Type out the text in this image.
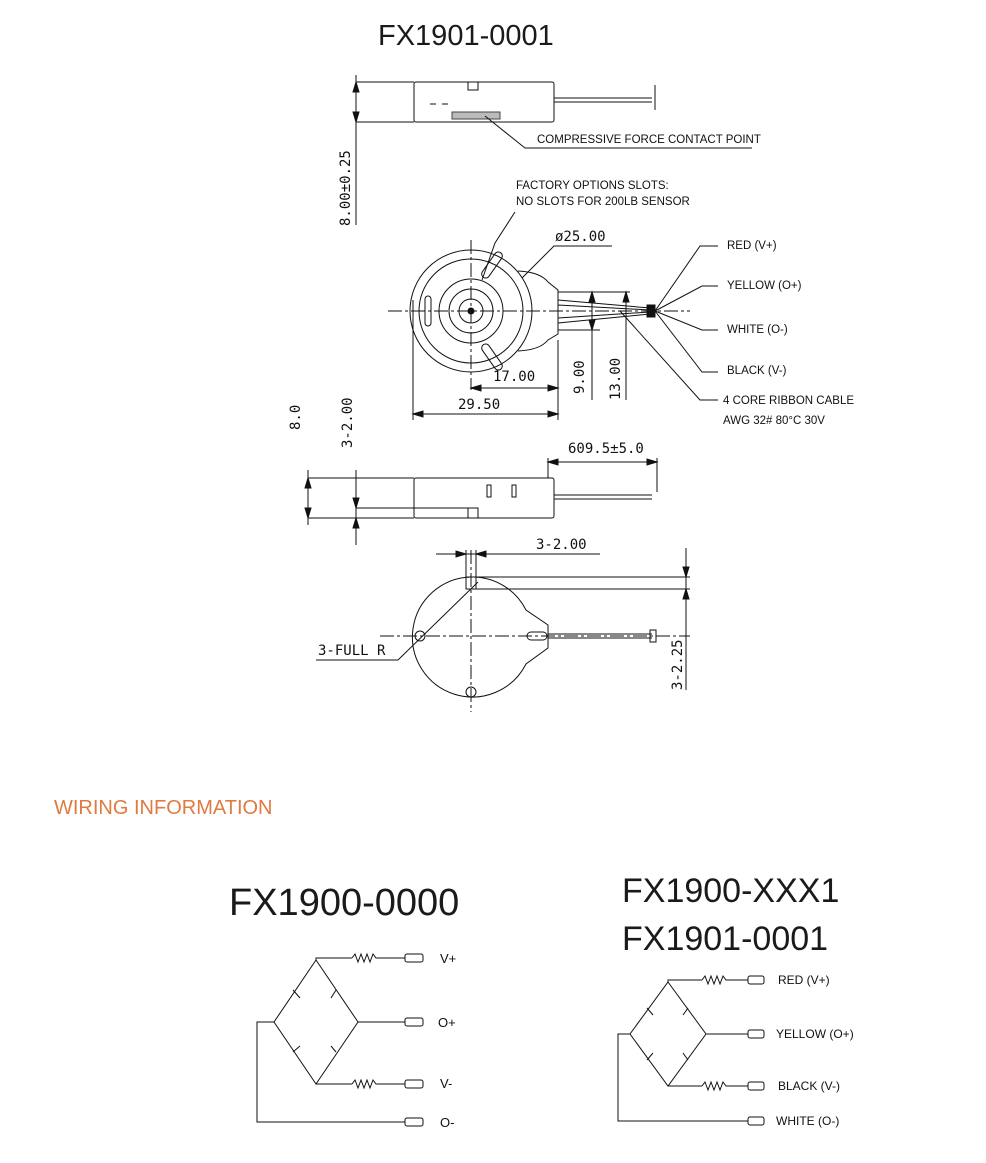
FX1901-0001
COMPRESSIVE FORCE CONTACT POINT
FACTORY OPTIONS SLOTS:
NO SLOTS FOR 200LB SENSOR
ø25.00
RED (V+)
YELLOW (O+)
WHITE (O-)
BLACK (V-)
4 CORE RIBBON CABLE
AWG 32# 80°C 30V
17.00
29.50
9.00 13.00
8.00±0.25
8.0	3-2.00
609.5±5.0
3-2.00
3-FULL R	3-2.25
WIRING INFORMATION
FX1900-0000
V+
O+
V-
O-
FX1900-XXX1
FX1901-0001
RED (V+)
YELLOW (O+)
BLACK (V-)
WHITE (O-)
